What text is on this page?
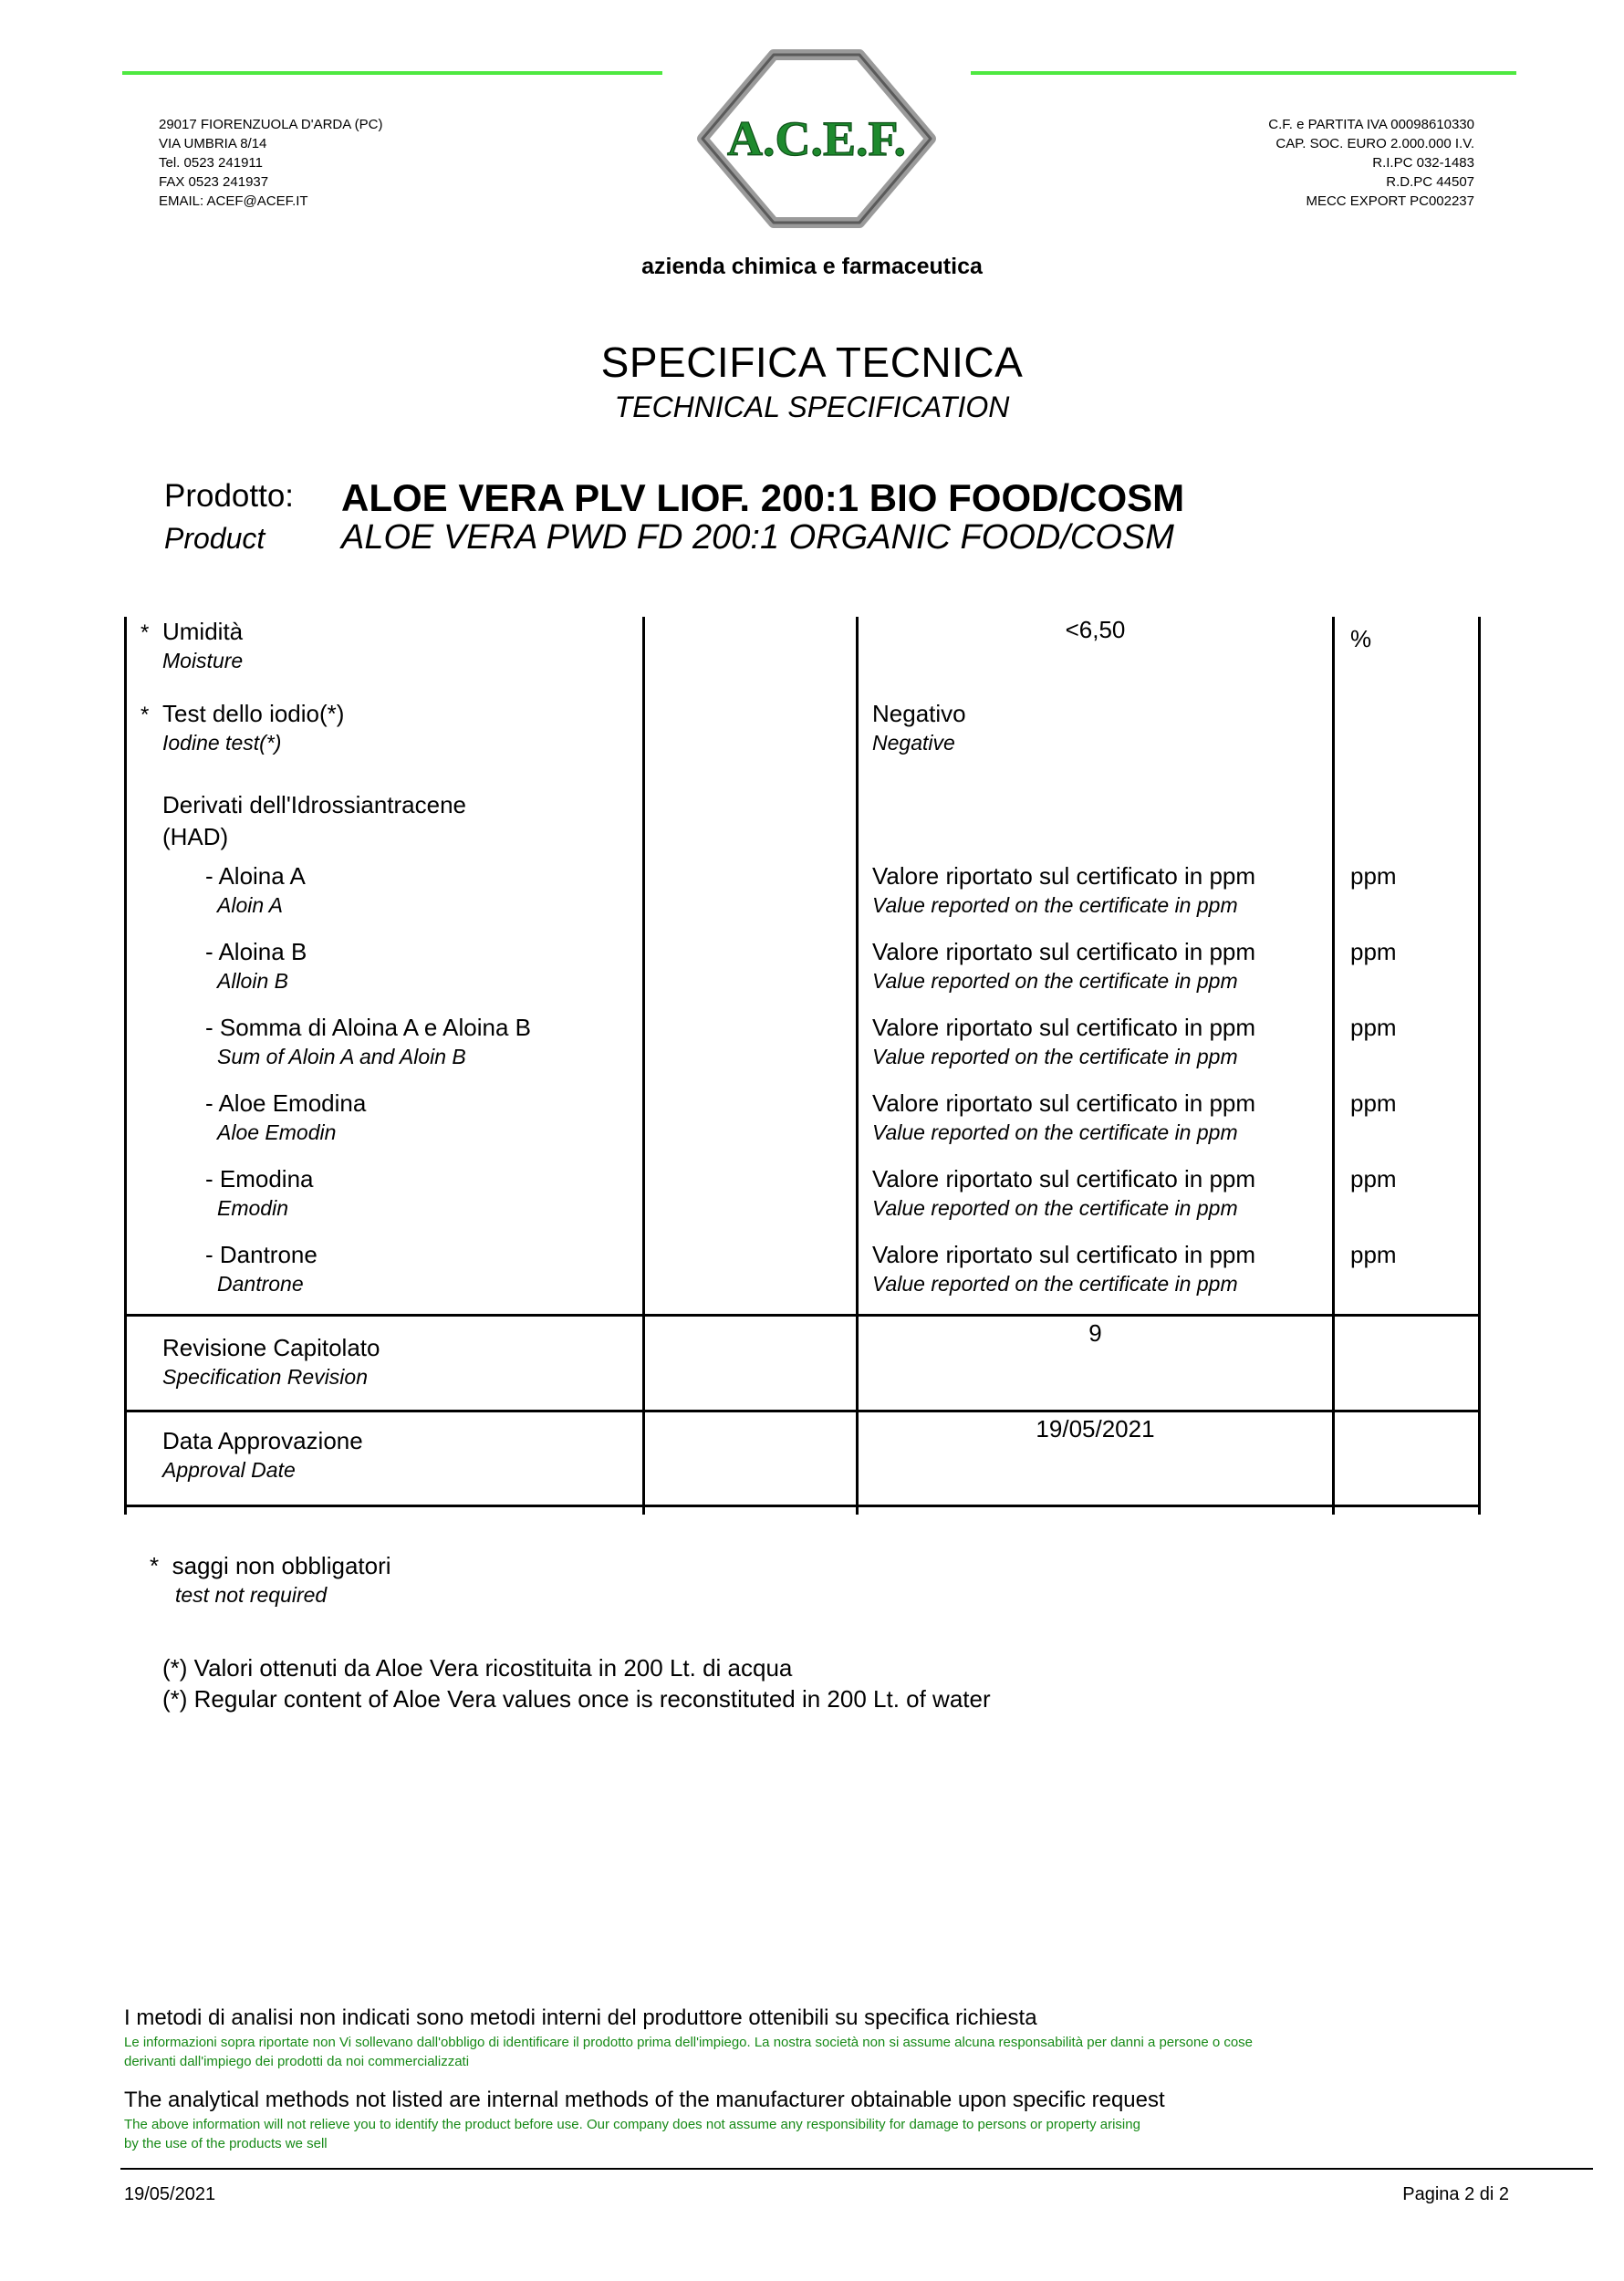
29017 FIORENZUOLA D'ARDA (PC)
VIA UMBRIA 8/14
Tel. 0523 241911
FAX 0523 241937
EMAIL: ACEF@ACEF.IT
C.F. e PARTITA IVA 00098610330
CAP. SOC. EURO 2.000.000 I.V.
R.I.PC 032-1483
R.D.PC 44507
MECC EXPORT PC002237
A.C.E.F.
azienda chimica e farmaceutica
SPECIFICA TECNICA
TECHNICAL SPECIFICATION
Prodotto:
Product
ALOE VERA PLV LIOF. 200:1 BIO FOOD/COSM
ALOE VERA PWD FD 200:1 ORGANIC FOOD/COSM
* Umidità
Moisture
<6,50	%
* Test dello iodio(*)
Iodine test(*)
Negativo
Negative
Derivati dell'Idrossiantracene
(HAD)
- Aloina A
Aloin A
Valore riportato sul certificato in ppm
Value reported on the certificate in ppm
ppm
- Aloina B
Alloin B
Valore riportato sul certificato in ppm
Value reported on the certificate in ppm
ppm
- Somma di Aloina A e Aloina B
Sum of Aloin A and Aloin B
Valore riportato sul certificato in ppm
Value reported on the certificate in ppm
ppm
- Aloe Emodina
Aloe Emodin
Valore riportato sul certificato in ppm
Value reported on the certificate in ppm
ppm
- Emodina
Emodin
Valore riportato sul certificato in ppm
Value reported on the certificate in ppm
ppm
- Dantrone
Dantrone
Valore riportato sul certificato in ppm
Value reported on the certificate in ppm
ppm
Revisione Capitolato
Specification Revision
9
Data Approvazione
Approval Date
19/05/2021
*  saggi non obbligatori
test not required
(*) Valori ottenuti da Aloe Vera ricostituita in 200 Lt. di acqua
(*) Regular content of Aloe Vera values once is reconstituted in 200 Lt. of water
I metodi di analisi non indicati sono metodi interni del produttore ottenibili su specifica richiesta
Le informazioni sopra riportate non Vi sollevano dall'obbligo di identificare il prodotto prima dell'impiego. La nostra società non si assume alcuna responsabilità per danni a persone o cose
derivanti dall'impiego dei prodotti da noi commercializzati
The analytical methods not listed are internal methods of the manufacturer obtainable upon specific request
The above information will not relieve you to identify the product before use. Our company does not assume any responsibility for damage to persons or property arising
by the use of the products we sell
19/05/2021	Pagina 2 di 2
